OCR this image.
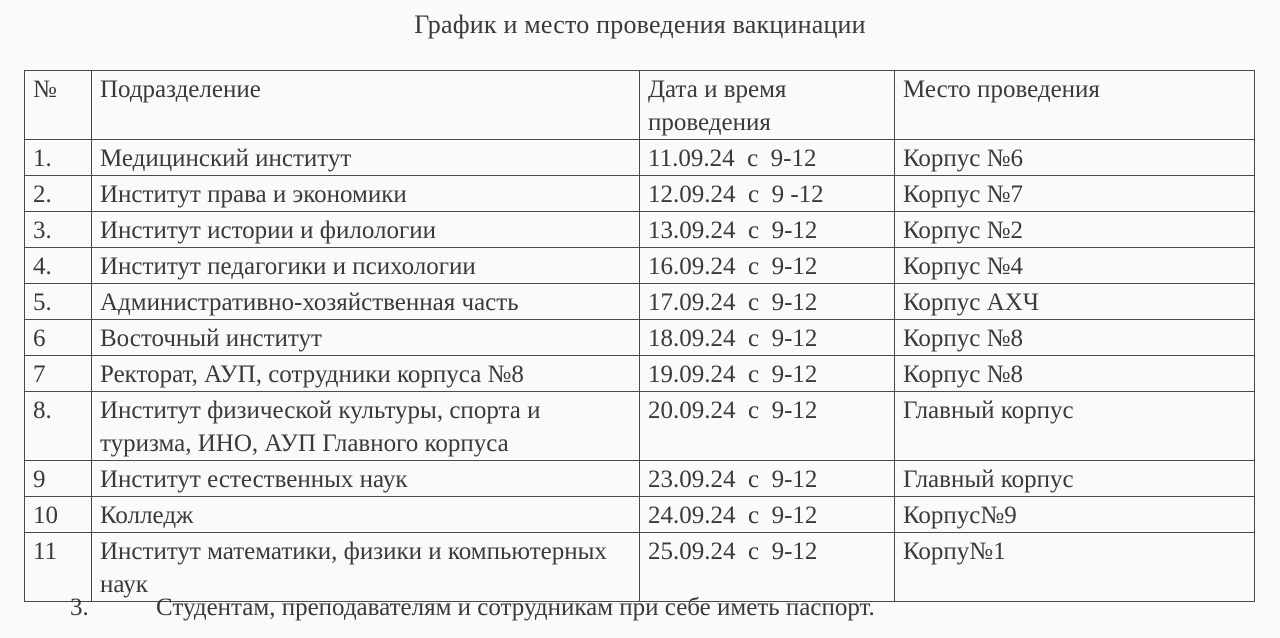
График и место проведения вакцинации
№	Подразделение	Дата и время проведения	Место проведения
1.	Медицинский институт	11.09.24  с  9-12	Корпус №6
2.	Институт права и экономики	12.09.24  с  9 -12	Корпус №7
3.	Институт истории и филологии	13.09.24  с  9-12	Корпус №2
4.	Институт педагогики и психологии	16.09.24  с  9-12	Корпус №4
5.	Административно-хозяйственная часть	17.09.24  с  9-12	Корпус АХЧ
6	Восточный институт	18.09.24  с  9-12	Корпус №8
7	Ректорат, АУП, сотрудники корпуса №8	19.09.24  с  9-12	Корпус №8
8.	Институт физической культуры, спорта и туризма, ИНО, АУП Главного корпуса	20.09.24  с  9-12	Главный корпус
9	Институт естественных наук	23.09.24  с  9-12	Главный корпус
10	Колледж	24.09.24  с  9-12	Корпус№9
11	Институт математики, физики и компьютерных наук	25.09.24  с  9-12	Корпу№1
3.	Студентам, преподавателям и сотрудникам при себе иметь паспорт.
